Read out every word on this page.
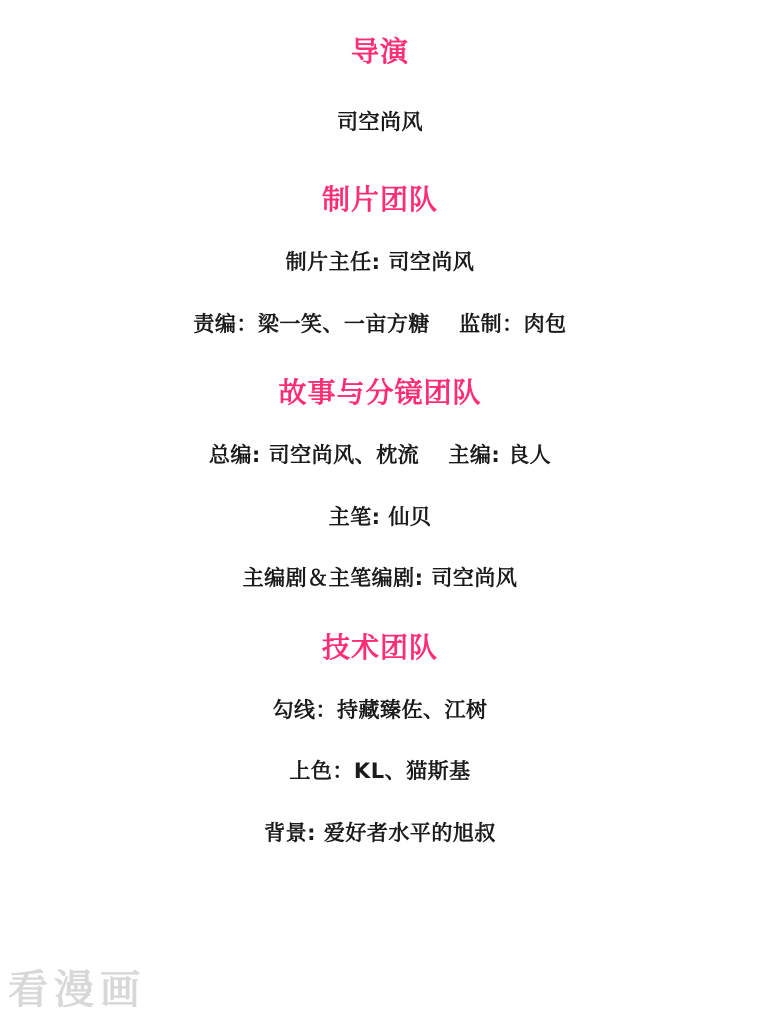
导演
司空尚风
制片团队
制片主任: 司空尚风
责编：梁一笑、一亩方糖　 监制：肉包
故事与分镜团队
总编: 司空尚风、枕流　 主编: 良人
主笔: 仙贝
主编剧＆主笔编剧: 司空尚风
技术团队
勾线：持藏臻佐、江树
上色：KL、猫斯基
背景: 爱好者水平的旭叔
看漫画
